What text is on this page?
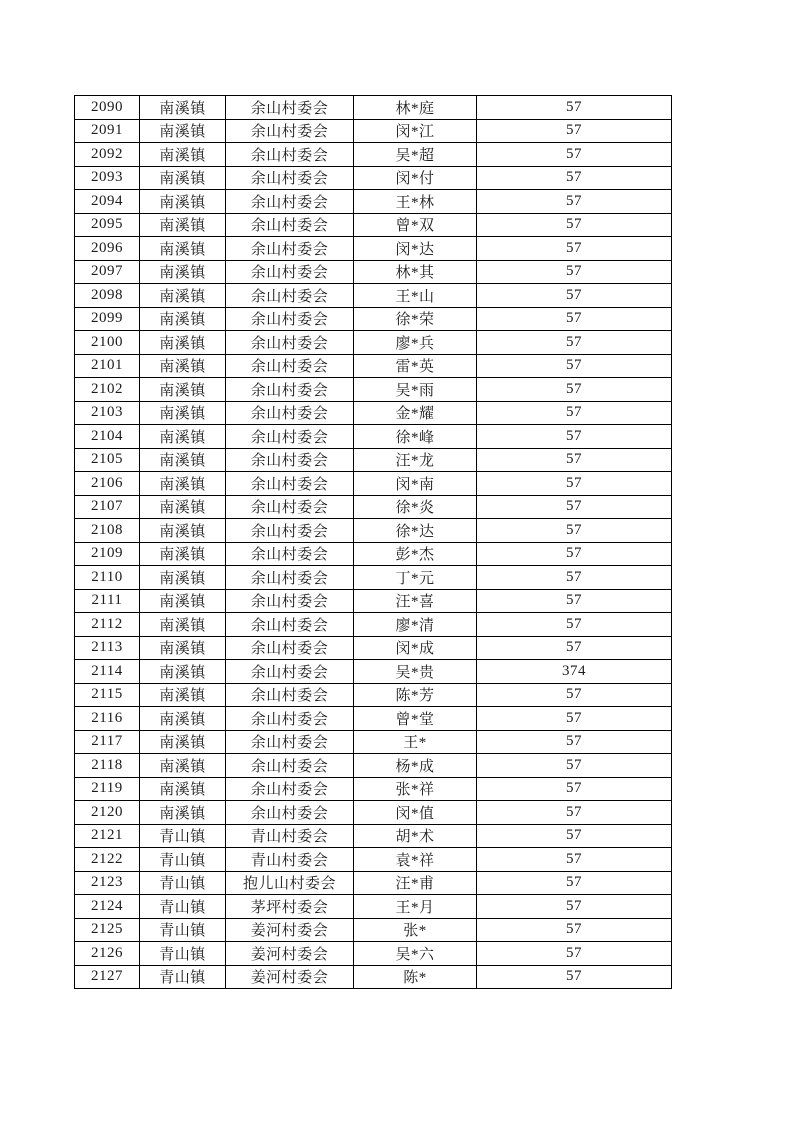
2090	南溪镇	余山村委会	林*庭	57
2091	南溪镇	余山村委会	闵*江	57
2092	南溪镇	余山村委会	吴*超	57
2093	南溪镇	余山村委会	闵*付	57
2094	南溪镇	余山村委会	王*林	57
2095	南溪镇	余山村委会	曾*双	57
2096	南溪镇	余山村委会	闵*达	57
2097	南溪镇	余山村委会	林*其	57
2098	南溪镇	余山村委会	王*山	57
2099	南溪镇	余山村委会	徐*荣	57
2100	南溪镇	余山村委会	廖*兵	57
2101	南溪镇	余山村委会	雷*英	57
2102	南溪镇	余山村委会	吴*雨	57
2103	南溪镇	余山村委会	金*耀	57
2104	南溪镇	余山村委会	徐*峰	57
2105	南溪镇	余山村委会	汪*龙	57
2106	南溪镇	余山村委会	闵*南	57
2107	南溪镇	余山村委会	徐*炎	57
2108	南溪镇	余山村委会	徐*达	57
2109	南溪镇	余山村委会	彭*杰	57
2110	南溪镇	余山村委会	丁*元	57
2111	南溪镇	余山村委会	汪*喜	57
2112	南溪镇	余山村委会	廖*清	57
2113	南溪镇	余山村委会	闵*成	57
2114	南溪镇	余山村委会	吴*贵	374
2115	南溪镇	余山村委会	陈*芳	57
2116	南溪镇	余山村委会	曾*堂	57
2117	南溪镇	余山村委会	王*	57
2118	南溪镇	余山村委会	杨*成	57
2119	南溪镇	余山村委会	张*祥	57
2120	南溪镇	余山村委会	闵*值	57
2121	青山镇	青山村委会	胡*术	57
2122	青山镇	青山村委会	袁*祥	57
2123	青山镇	抱儿山村委会	汪*甫	57
2124	青山镇	茅坪村委会	王*月	57
2125	青山镇	姜河村委会	张*	57
2126	青山镇	姜河村委会	吴*六	57
2127	青山镇	姜河村委会	陈*	57
